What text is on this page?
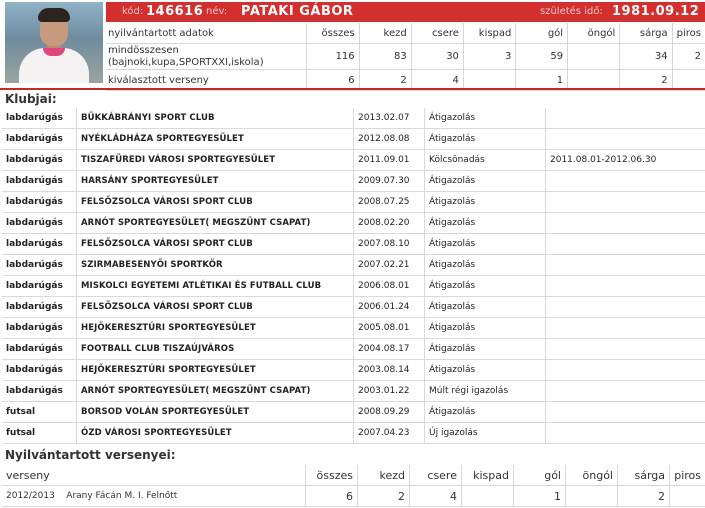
kód: 146616 név: PATAKI GÁBOR	születés idő: 1981.09.12
nyilvántartott adatok	összes	kezd	csere	kispad	gól	öngól	sárga	piros
mindösszesen
(bajnoki,kupa,SPORTXXI,iskola)	116	83	30	3	59		34	2
kiválasztott verseny	6	2	4		1		2	
Klubjai:
labdarúgás	BÜKKÁBRÁNYI SPORT CLUB	2013.02.07	Átigazolás	
labdarúgás	NYÉKLÁDHÁZA SPORTEGYESÜLET	2012.08.08	Átigazolás	
labdarúgás	TISZAFÜREDI VÁROSI SPORTEGYESÜLET	2011.09.01	Kölcsönadás	2011.08.01-2012.06.30
labdarúgás	HARSÁNY SPORTEGYESÜLET	2009.07.30	Átigazolás	
labdarúgás	FELSŐZSOLCA VÁROSI SPORT CLUB	2008.07.25	Átigazolás	
labdarúgás	ARNÓT SPORTEGYESÜLET( MEGSZŰNT CSAPAT)	2008.02.20	Átigazolás	
labdarúgás	FELSŐZSOLCA VÁROSI SPORT CLUB	2007.08.10	Átigazolás	
labdarúgás	SZIRMABESENYŐI SPORTKÖR	2007.02.21	Átigazolás	
labdarúgás	MISKOLCI EGYETEMI ATLÉTIKAI ÉS FUTBALL CLUB	2006.08.01	Átigazolás	
labdarúgás	FELSŐZSOLCA VÁROSI SPORT CLUB	2006.01.24	Átigazolás	
labdarúgás	HEJŐKERESZTÚRI SPORTEGYESÜLET	2005.08.01	Átigazolás	
labdarúgás	FOOTBALL CLUB TISZAÚJVÁROS	2004.08.17	Átigazolás	
labdarúgás	HEJŐKERESZTÚRI SPORTEGYESÜLET	2003.08.14	Átigazolás	
labdarúgás	ARNÓT SPORTEGYESÜLET( MEGSZŰNT CSAPAT)	2003.01.22	Múlt régi igazolás	
futsal	BORSOD VOLÁN SPORTEGYESÜLET	2008.09.29	Átigazolás	
futsal	ÓZD VÁROSI SPORTEGYESÜLET	2007.04.23	Új igazolás	
Nyilvántartott versenyei:
verseny	összes	kezd	csere	kispad	gól	öngól	sárga	piros
2012/2013 Arany Fácán M. I. Felnőtt	6	2	4		1		2	
